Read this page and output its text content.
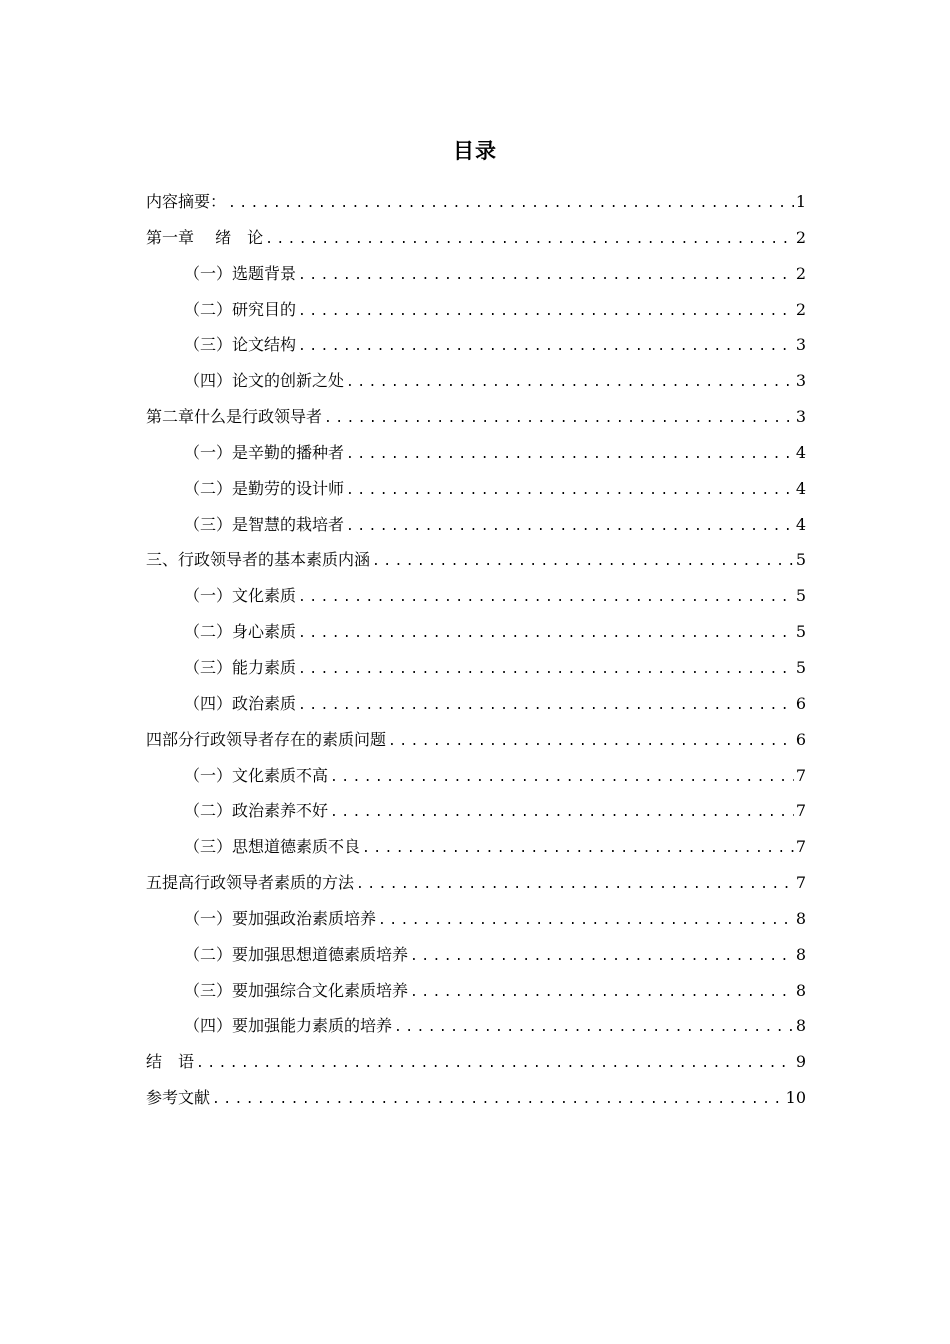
目录
内容摘要： .....	1
第一章　 绪　论 .....	2
（一）选题背景 .....	2
（二）研究目的 .....	2
（三）论文结构 .....	3
（四）论文的创新之处 .....	3
第二章什么是行政领导者 .....	3
（一）是辛勤的播种者 .....	4
（二）是勤劳的设计师 .....	4
（三）是智慧的栽培者 .....	4
三、行政领导者的基本素质内涵 .....	5
（一）文化素质 .....	5
（二）身心素质 .....	5
（三）能力素质 .....	5
（四）政治素质 .....	6
四部分行政领导者存在的素质问题 .....	6
（一）文化素质不高 .....	7
（二）政治素养不好 .....	7
（三）思想道德素质不良 .....	7
五提高行政领导者素质的方法 .....	7
（一）要加强政治素质培养 .....	8
（二）要加强思想道德素质培养 .....	8
（三）要加强综合文化素质培养 .....	8
（四）要加强能力素质的培养 .....	8
结　语 .....	9
参考文献 .....	10
